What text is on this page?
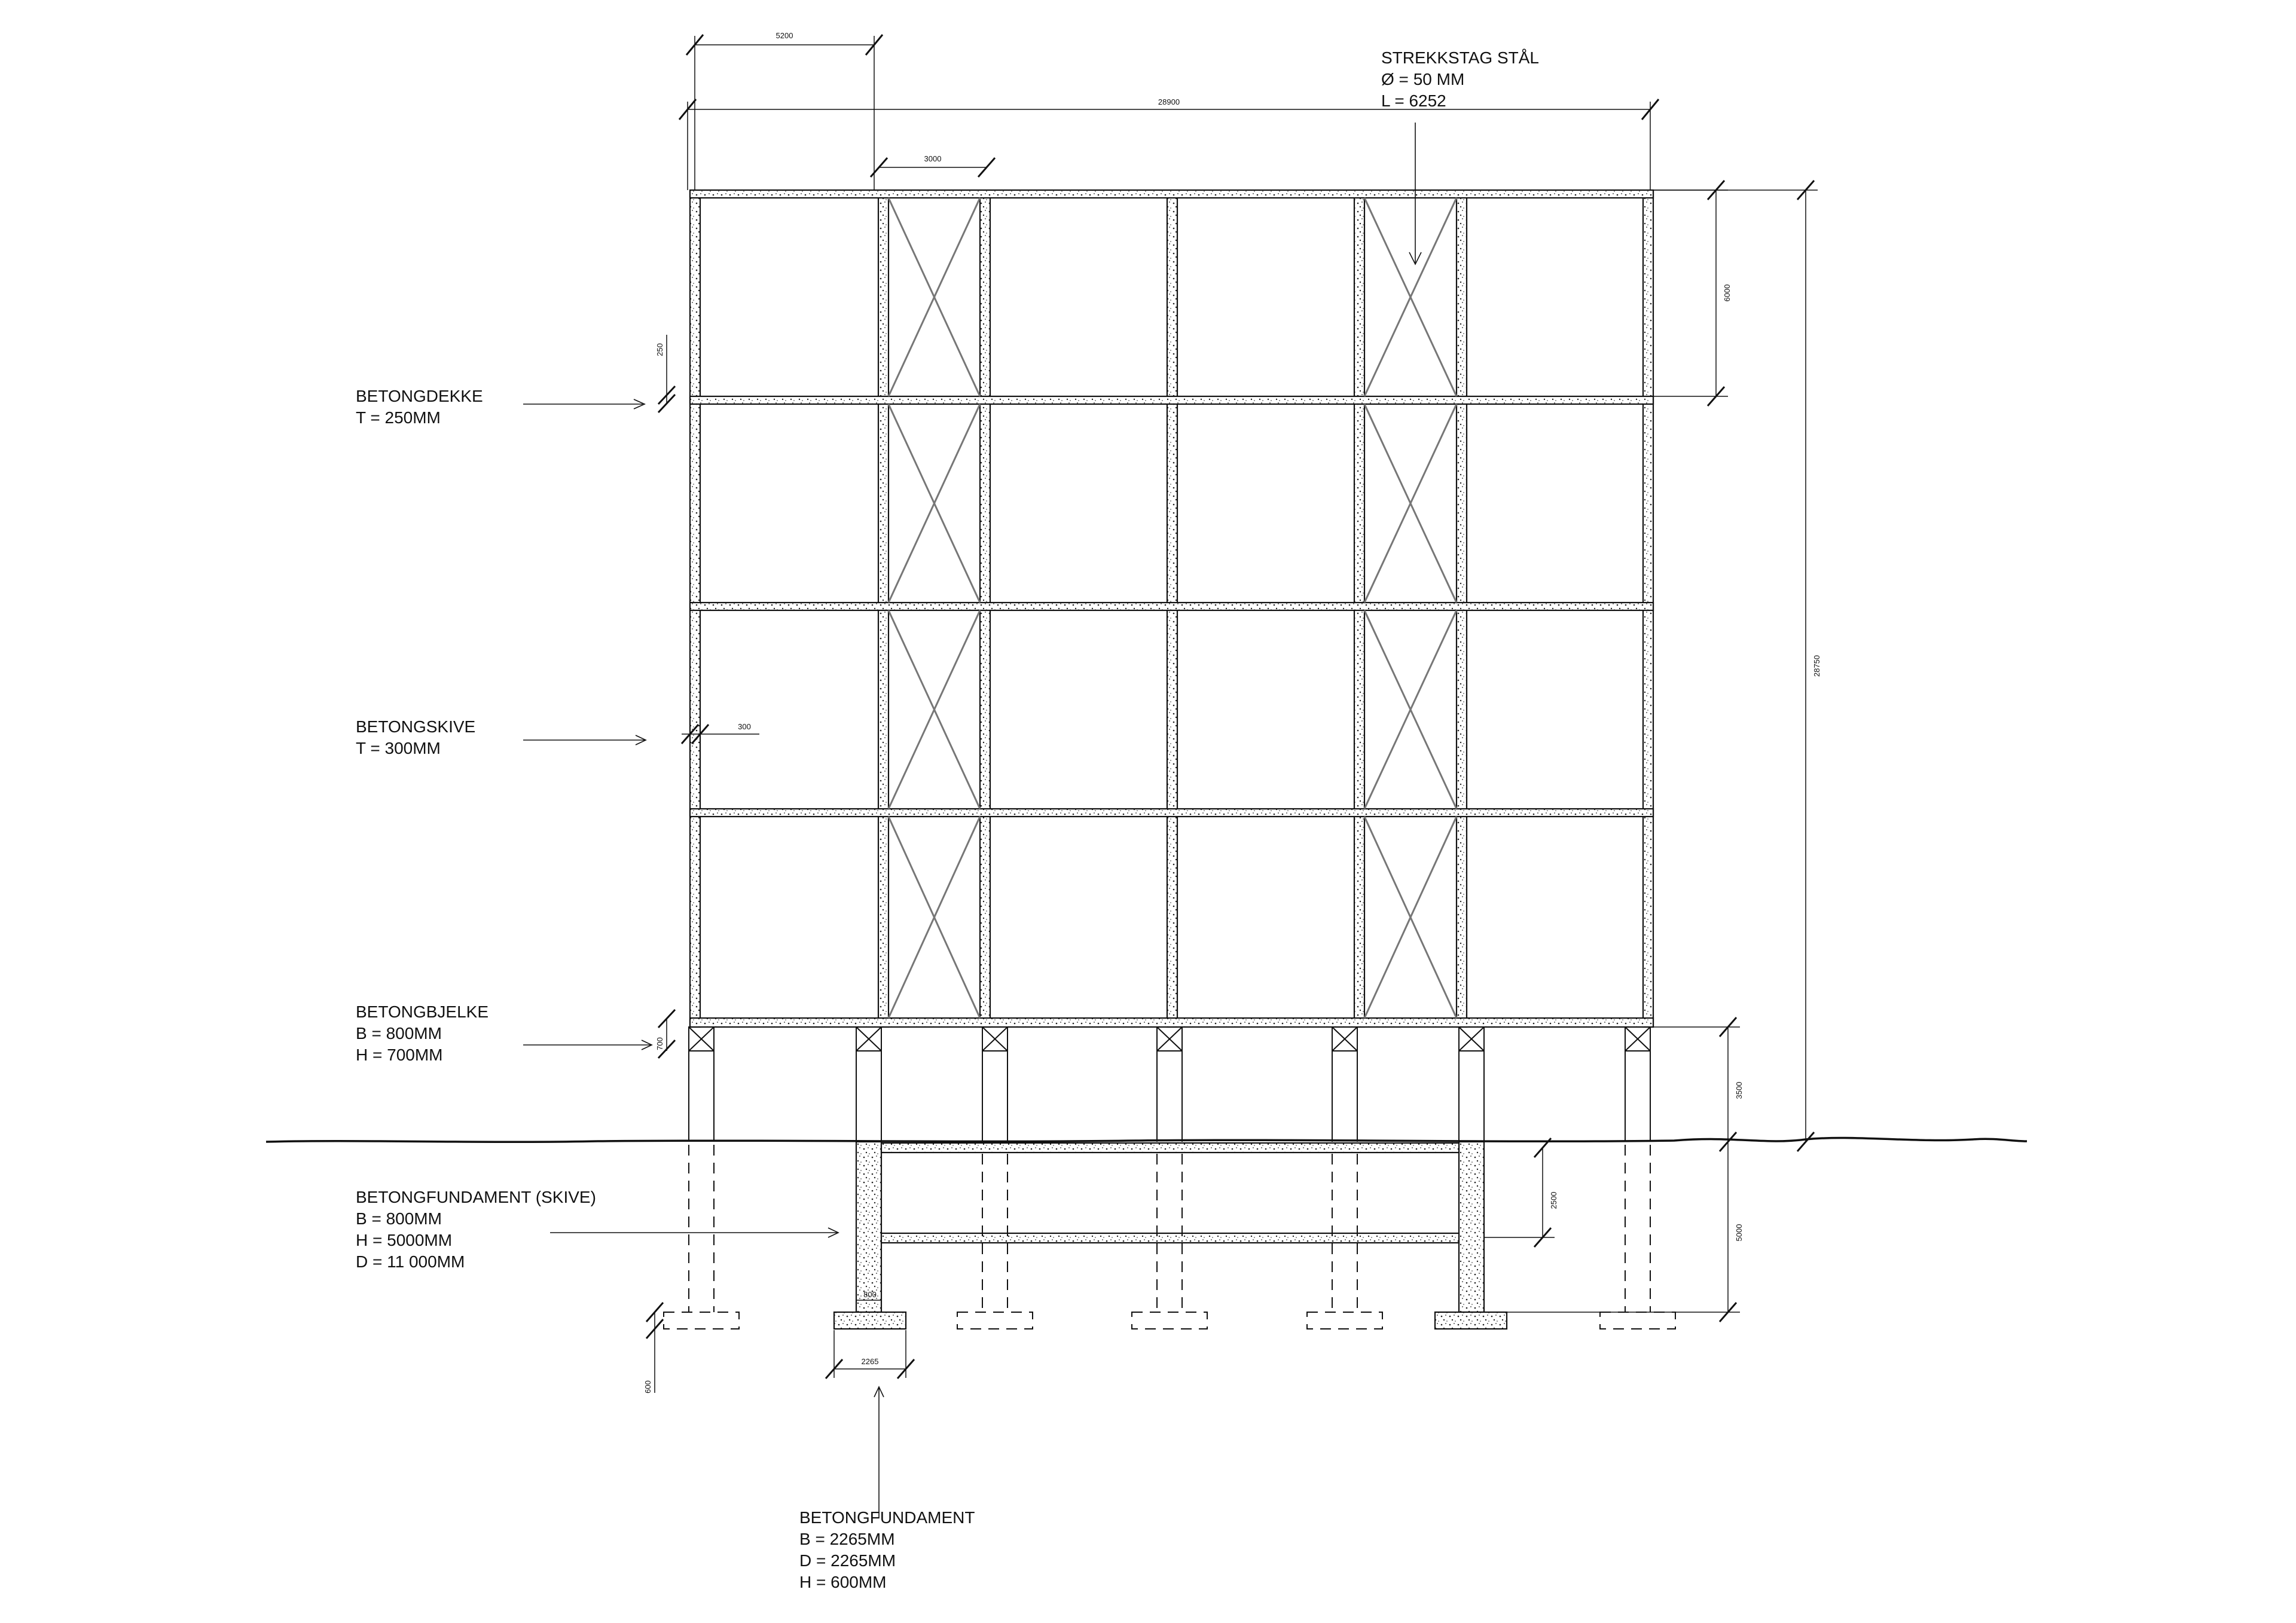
5200
28900
3000
6000
28750
250
300
700
3500
2500
5000
800
600
2265
STREKKSTAG STÅL
Ø = 50 MM
L = 6252
BETONGDEKKE
T = 250MM
BETONGSKIVE
T = 300MM
BETONGBJELKE
B = 800MM
H = 700MM
BETONGFUNDAMENT (SKIVE)
B = 800MM
H = 5000MM
D = 11 000MM
BETONGFUNDAMENT
B = 2265MM
D = 2265MM
H = 600MM
